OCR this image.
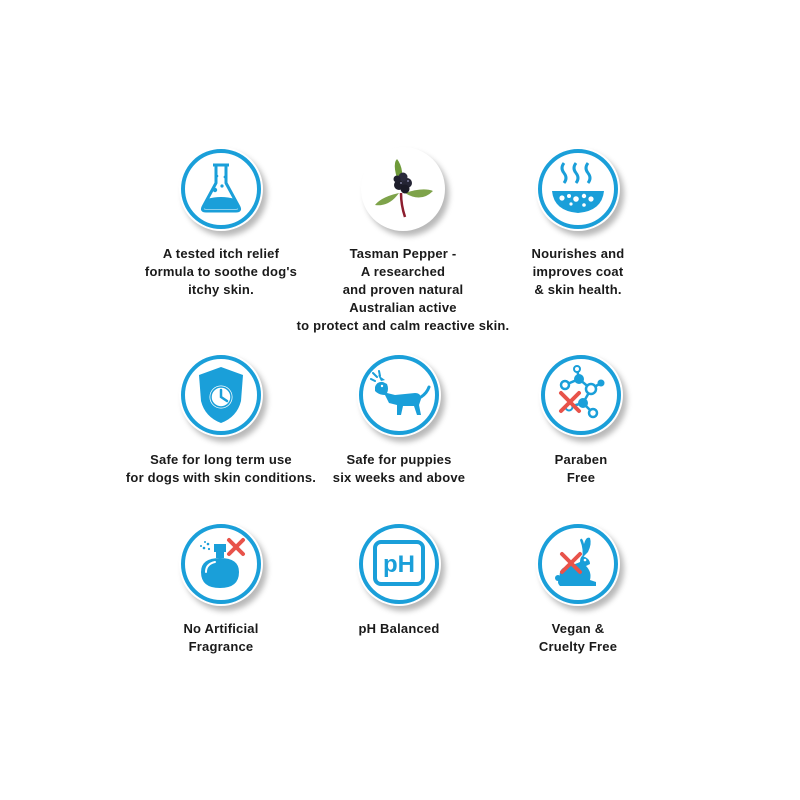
A tested itch relief
formula to soothe dog's
itchy skin.
Tasman Pepper -
A researched
and proven natural
Australian active
to protect and calm reactive skin.
Nourishes and
improves coat
& skin health.
Safe for long term use
for dogs with skin conditions.
Safe for puppies
six weeks and above
Paraben
Free
No Artificial
Fragrance
pH
pH Balanced	Vegan &
Cruelty Free
